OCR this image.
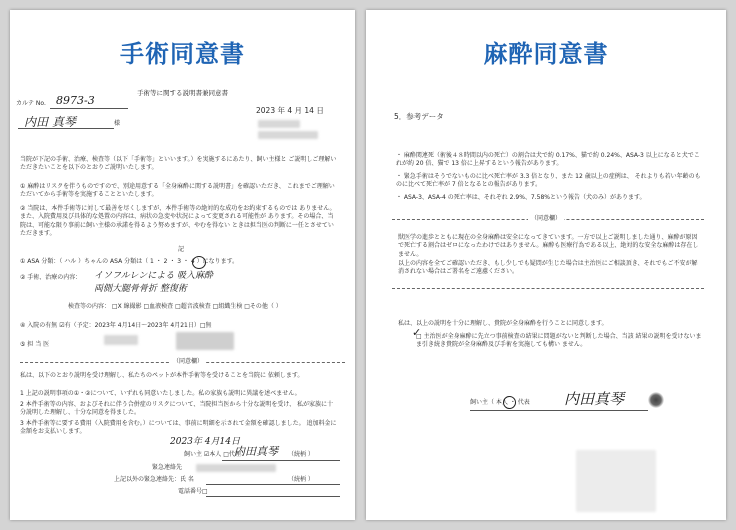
手術同意書
手術等に関する説明書兼同意書
カルテ No. 8973-3
2023 年 4 月 14 日
内田 真琴	様
当院が下記の手術、治療、検査等（以下「手術等」といいます。）を実施するにあたり、飼い主様と ご説明しご理解いただきたいことを以下のとおりご説明いたします。
① 麻酔はリスクを伴うものですので、別途用意する「全身麻酔に関する説明書」を確認いただき、 これまでご理解いただいてから手術等を実施することといたします。
② 当院は、本件手術等に対して最善を尽くしますが、本件手術等の絶対的な成功をお約束するものでは ありません。また、入院費用及び具体的な処置の内容は、病状の急変や状況によって変更される可能性が あります。その場合、当院は、可能な限り事前に飼い主様の承諾を得るよう努めますが、やむを得ない ときは担当医の判断に一任とさせていただきます。
記
① ASA 分類：（ ハル ）ちゃんの ASA 分類は（ 1 ・ 2 ・ 3 ・ 4 ）になります。
② 手術、治療の内容： イソフルレンによる 吸入麻酔
両側大腿骨骨折 整復術
検査等の内容： □X 線撮影 □血液検査 □超音波検査 □組織生検 □その他（ ）
④ 入院の有無 ☑有（予定：2023年 4月14日〜2023年 4月21日）□無
⑤ 担 当 医
（同意欄）
私は、以下のとおり説明を受け理解し、私たちのペットが本件手術等を受けることを当院に 依頼します。
1 上記の説明事項の①・②について、いずれも同意いたしました。私の家族も説明に異議を述べません。
2 本件手術等の内容、およびそれに伴う合併症のリスクについて、当院担当医から十分な説明を受け、 私が家族に十分説明した理解し、十分な同意を得ました。
3 本件手術等に要する費用（入院費用を含む。）については、事前に明細を示されて金額を確認しました。 追加料金に金額をお支払いします。
2023年 4月14日
飼い主 ☑本人 □代理
内田真琴 （続柄 ）
緊急連絡先
上記以外の緊急連絡先：氏 名	（続柄 ）
電話番号□
麻酔同意書
5．参考データ
・ 麻酔関連死（術後４８時間以内の死亡）の割合は犬で約 0.17%、猫で約 0.24%、ASA-3 以上になると犬でこれが約 20 倍、猫で 13 倍に上昇するという報告があります。
・ 緊急手術はそうでないものに比べ死亡率が 3.3 倍となり、また 12 歳以上の症例は、 それよりも若い年齢のものに比べて死亡率が 7 倍となるとの報告があります。
・ ASA-3、ASA-4 の死亡率は、それぞれ 2.9%、7.58%という報告（犬のみ）があります。
（同意欄）
獣医学の進歩とともに現在の全身麻酔は安全になってきています。一方で以上ご説明しました通り、麻酔が原因で死亡する割合はゼロになったわけではありません。麻酔も医療行為である以上、絶対的な安全な麻酔は存在しません。
以上の内容を全てご確認いただき、もし少しでも疑問が生じた場合は主治医にご相談頂き、それでもご不安が解消されない場合はご署名をご遠慮ください。
私は、以上の説明を十分に理解し、貴院が全身麻酔を行うことに同意します。
□ 主治医が全身麻酔に先立つ事前検査の結果に問題がないと判断した場合、当該 結果の説明を受けないまま引き続き貴院が全身麻酔及び手術を実施しても構い ません。
✓
飼い主（ 本人 ・ 代表 内田真琴
